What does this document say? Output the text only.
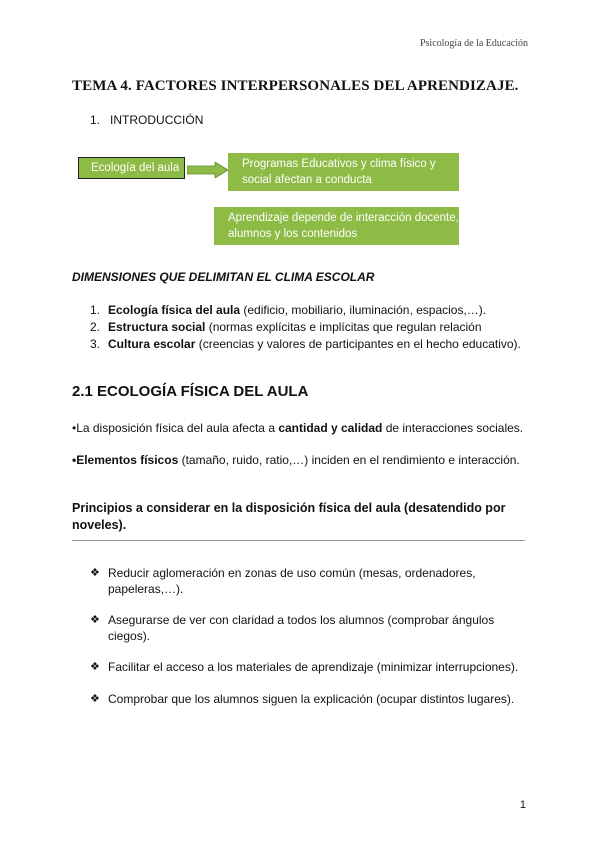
Psicología de la Educación
TEMA 4. FACTORES INTERPERSONALES DEL APRENDIZAJE.
1. INTRODUCCIÓN
Ecología del aula	Programas Educativos y clima físico y
social afectan a conducta
Aprendizaje depende de interacción docente,
alumnos y los contenidos
DIMENSIONES QUE DELIMITAN EL CLIMA ESCOLAR
1. Ecología física del aula (edificio, mobiliario, iluminación, espacios,…).
2. Estructura social (normas explícitas e implícitas que regulan relación
3. Cultura escolar (creencias y valores de participantes en el hecho educativo).
2.1 ECOLOGÍA FÍSICA DEL AULA
•La disposición física del aula afecta a cantidad y calidad de interacciones sociales.
•Elementos físicos (tamaño, ruido, ratio,…) inciden en el rendimiento e interacción.
Principios a considerar en la disposición física del aula (desatendido por noveles).
❖ Reducir aglomeración en zonas de uso común (mesas, ordenadores, papeleras,…).
❖ Asegurarse de ver con claridad a todos los alumnos (comprobar ángulos ciegos).
❖ Facilitar el acceso a los materiales de aprendizaje (minimizar interrupciones).
❖ Comprobar que los alumnos siguen la explicación (ocupar distintos lugares).
1
